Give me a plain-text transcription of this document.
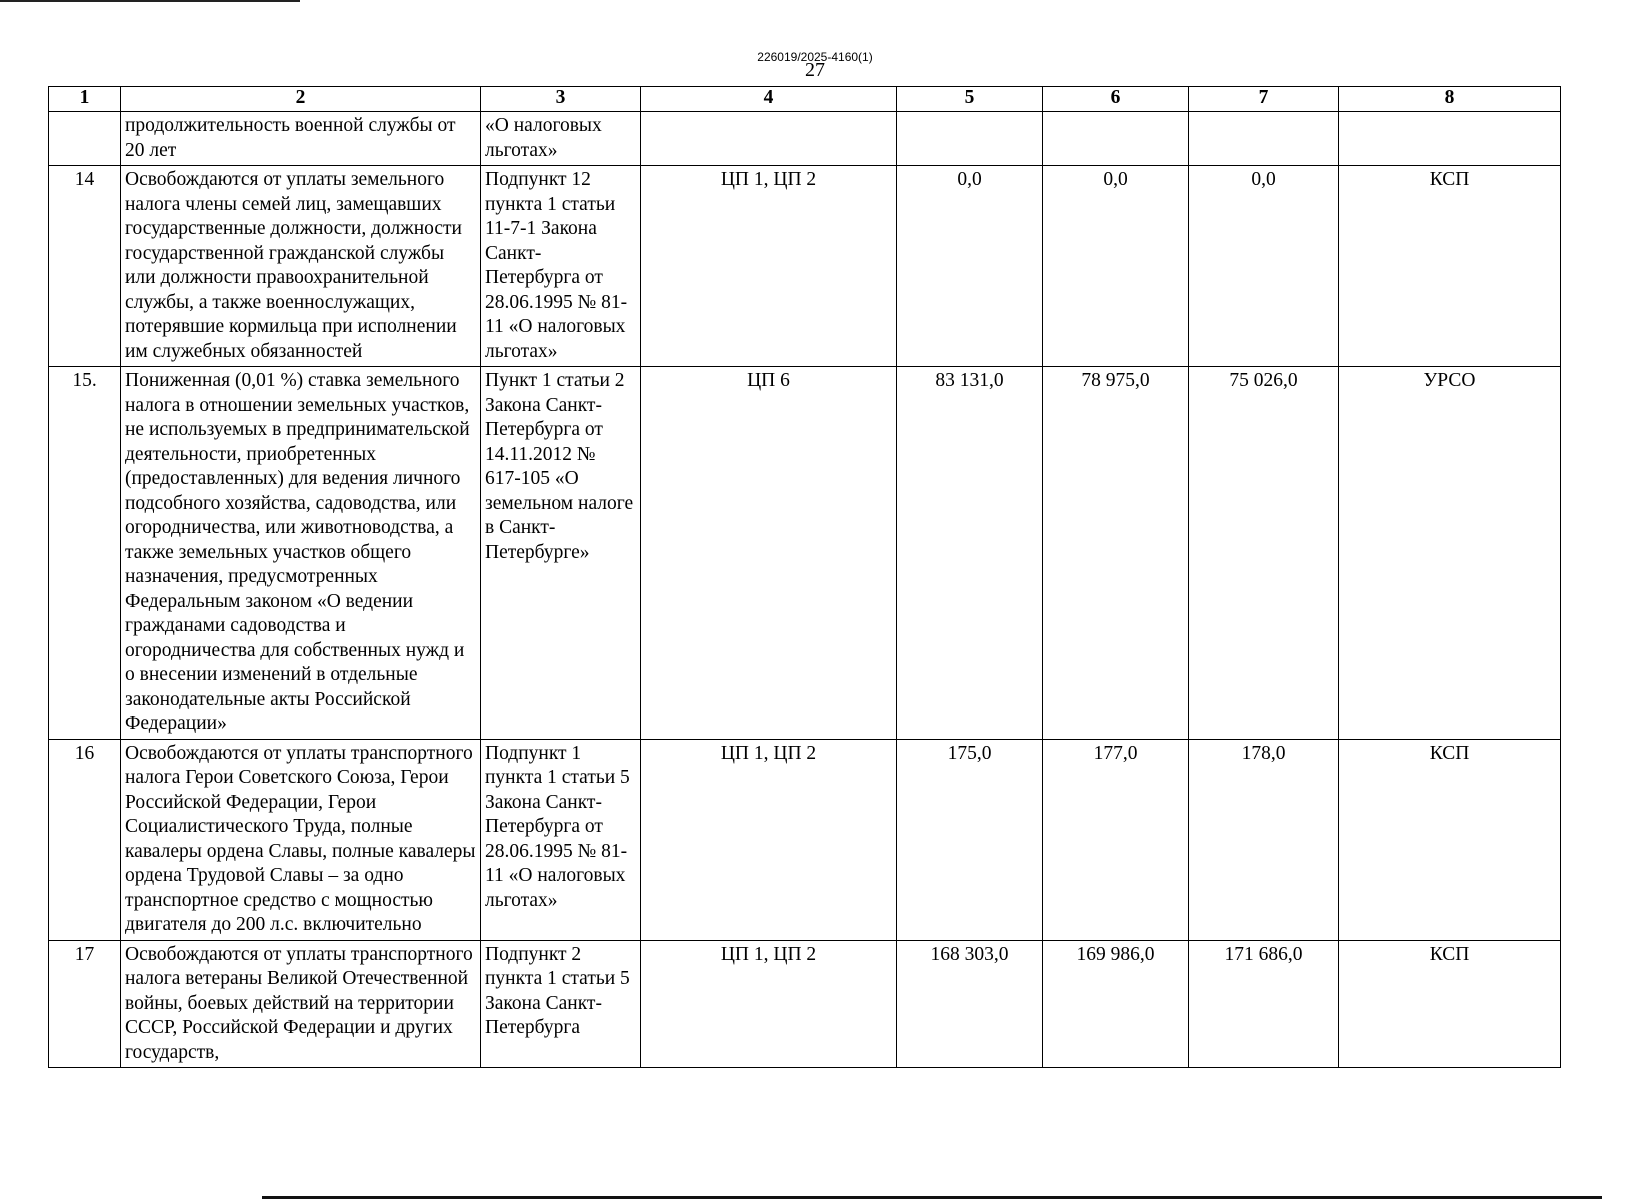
226019/2025-4160(1)
27
1	2	3	4	5	6	7	8
	продолжительность военной службы от 20 лет	«О налоговых льготах»					
14	Освобождаются от уплаты земельного налога члены семей лиц, замещавших государственные должности, должности государственной гражданской службы или должности правоохранительной службы, а также военнослужащих, потерявшие кормильца при исполнении им служебных обязанностей	Подпункт 12 пункта 1 статьи 11-7-1 Закона Санкт-Петербурга от 28.06.1995 № 81-11 «О налоговых льготах»	ЦП 1, ЦП 2	0,0	0,0	0,0	КСП
15.	Пониженная (0,01 %) ставка земельного налога в отношении земельных участков, не используемых в предпринимательской деятельности, приобретенных (предоставленных) для ведения личного подсобного хозяйства, садоводства, или огородничества, или животноводства, а также земельных участков общего назначения, предусмотренных Федеральным законом «О ведении гражданами садоводства и огородничества для собственных нужд и о внесении изменений в отдельные законодательные акты Российской Федерации»	Пункт 1 статьи 2 Закона Санкт-Петербурга от 14.11.2012 № 617-105 «О земельном налоге в Санкт-Петербурге»	ЦП 6	83 131,0	78 975,0	75 026,0	УРСО
16	Освобождаются от уплаты транспортного налога Герои Советского Союза, Герои Российской Федерации, Герои Социалистического Труда, полные кавалеры ордена Славы, полные кавалеры ордена Трудовой Славы – за одно транспортное средство с мощностью двигателя до 200 л.с. включительно	Подпункт 1 пункта 1 статьи 5 Закона Санкт-Петербурга от 28.06.1995 № 81-11 «О налоговых льготах»	ЦП 1, ЦП 2	175,0	177,0	178,0	КСП
17	Освобождаются от уплаты транспортного налога ветераны Великой Отечественной войны, боевых действий на территории СССР, Российской Федерации и других государств,	Подпункт 2 пункта 1 статьи 5 Закона Санкт-Петербурга	ЦП 1, ЦП 2	168 303,0	169 986,0	171 686,0	КСП
